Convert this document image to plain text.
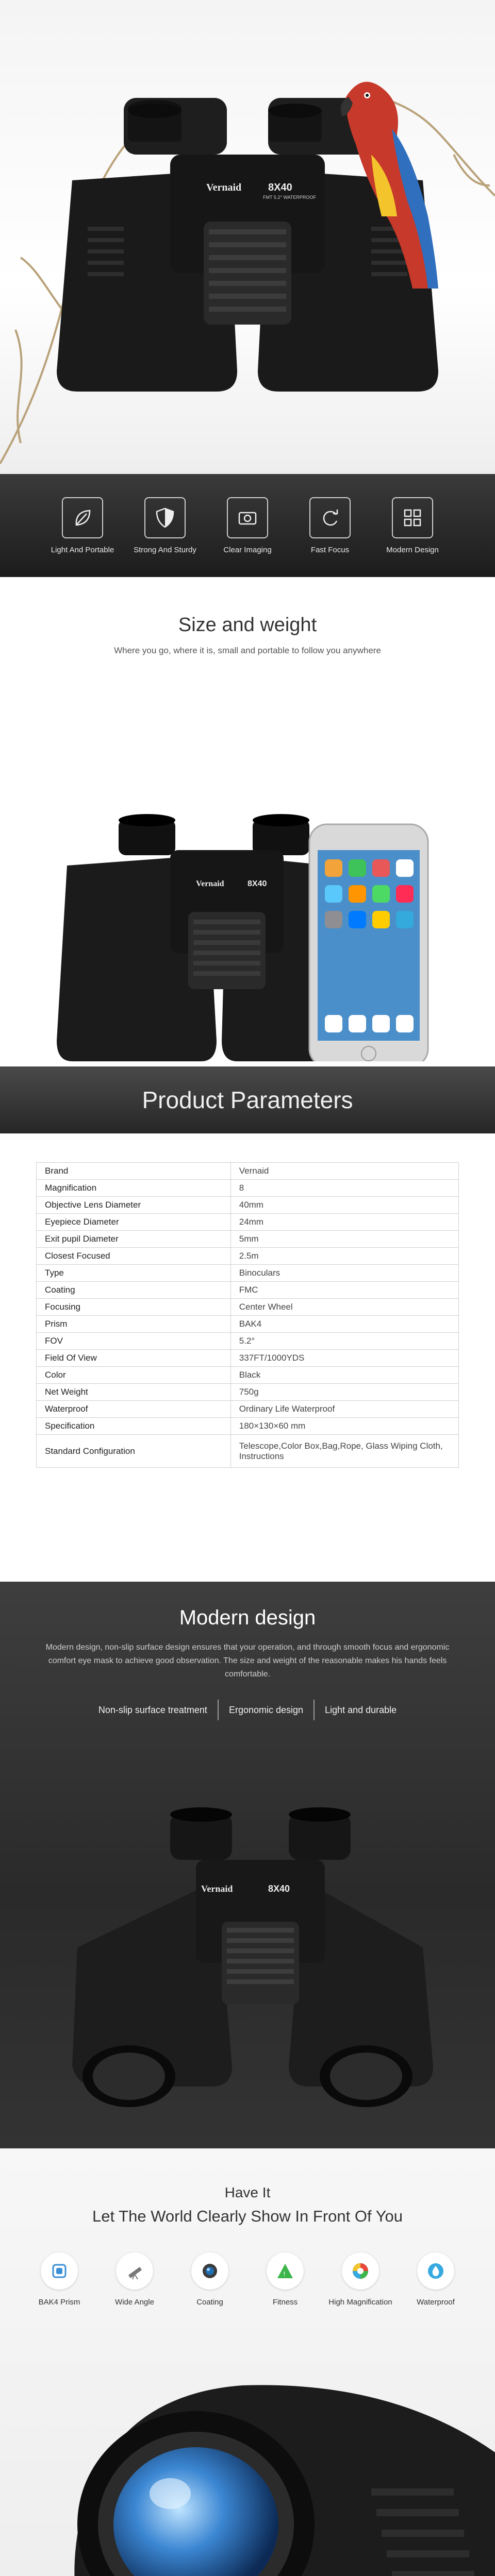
Vernaid	8X40
FMT 5.2° WATERPROOF
Light And Portable	Strong And Sturdy	Clear Imaging	Fast Focus	Modern Design
Size and weight
Where you go, where it is, small and portable to follow you anywhere
Vernaid	8X40
Product Parameters
Brand	Vernaid
Magnification	8
Objective Lens Diameter	40mm
Eyepiece Diameter	24mm
Exit pupil Diameter	5mm
Closest Focused	2.5m
Type	Binoculars
Coating	FMC
Focusing	Center Wheel
Prism	BAK4
FOV	5.2°
Field Of View	337FT/1000YDS
Color	Black
Net Weight	750g
Waterproof	Ordinary Life Waterproof
Specification	180×130×60 mm
Standard Configuration	Telescope,Color Box,Bag,Rope, Glass Wiping Cloth, Instructions
Modern design
Modern design, non-slip surface design ensures that your operation, and through smooth focus and ergonomic comfort eye mask to achieve good observation. The size and weight of the reasonable makes his hands feels comfortable.
Non-slip surface treatment	Ergonomic design	Light and durable
Vernaid	8X40
Have It
Let The World Clearly Show In Front Of You
BAK4 Prism	Wide Angle	Coating
!
Fitness	High Magnification	Waterproof
